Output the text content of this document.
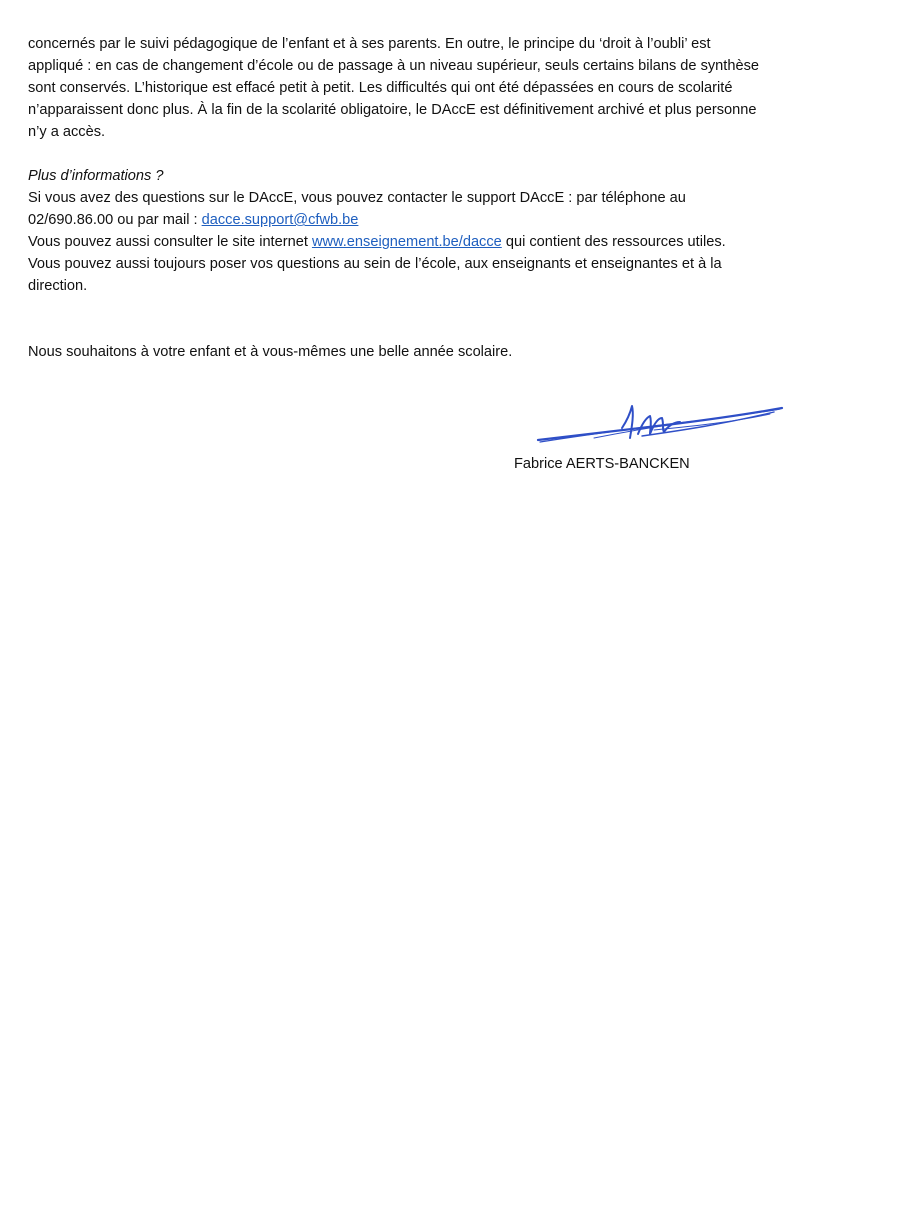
concernés par le suivi pédagogique de l’enfant et à ses parents. En outre, le principe du ‘droit à l’oubli’ est

appliqué : en cas de changement d’école ou de passage à un niveau supérieur, seuls certains bilans de synthèse

sont conservés. L’historique est effacé petit à petit. Les difficultés qui ont été dépassées en cours de scolarité

n’apparaissent donc plus. À la fin de la scolarité obligatoire, le DAccE est définitivement archivé et plus personne

n’y a accès.

Plus d’informations ?

Si vous avez des questions sur le DAccE, vous pouvez contacter le support DAccE : par téléphone au

02/690.86.00 ou par mail : dacce.support@cfwb.be

Vous pouvez aussi consulter le site internet www.enseignement.be/dacce qui contient des ressources utiles.

Vous pouvez aussi toujours poser vos questions au sein de l’école, aux enseignants et enseignantes et à la

direction.

Nous souhaitons à votre enfant et à vous-mêmes une belle année scolaire.

Fabrice AERTS-BANCKEN
